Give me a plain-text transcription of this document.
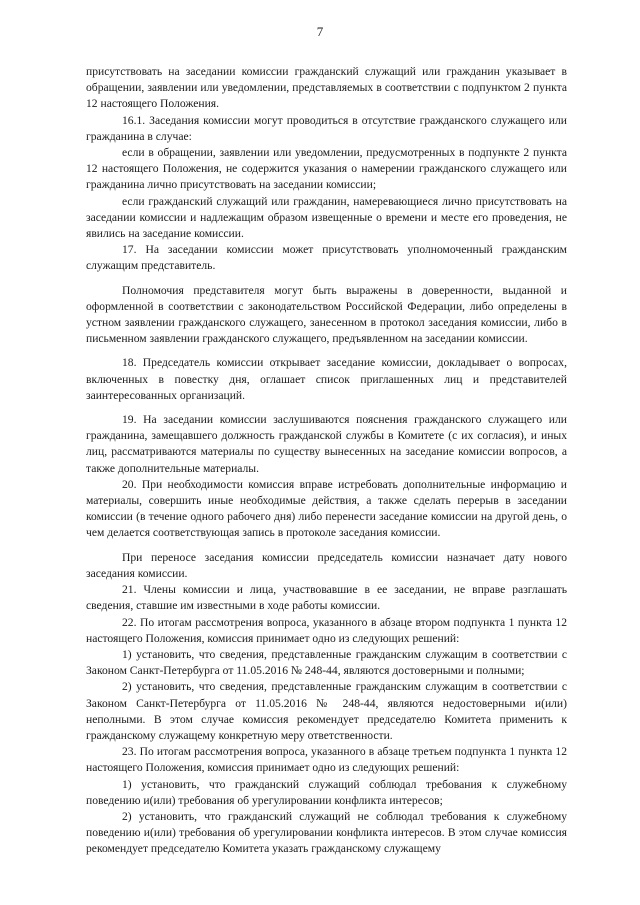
7

присутствовать на заседании комиссии гражданский служащий или гражданин указывает в обращении, заявлении или уведомлении, представляемых в соответствии с подпунктом 2 пункта 12 настоящего Положения.

16.1. Заседания комиссии могут проводиться в отсутствие гражданского служащего или гражданина в случае:

если в обращении, заявлении или уведомлении, предусмотренных в подпункте 2 пункта 12 настоящего Положения, не содержится указания о намерении гражданского служащего или гражданина лично присутствовать на заседании комиссии;

если гражданский служащий или гражданин, намеревающиеся лично присутствовать на заседании комиссии и надлежащим образом извещенные о времени и месте его проведения, не явились на заседание комиссии.

17. На заседании комиссии может присутствовать уполномоченный гражданским служащим представитель.

Полномочия представителя могут быть выражены в доверенности, выданной и оформленной в соответствии с законодательством Российской Федерации, либо определены в устном заявлении гражданского служащего, занесенном в протокол заседания комиссии, либо в письменном заявлении гражданского служащего, предъявленном на заседании комиссии.

18. Председатель комиссии открывает заседание комиссии, докладывает о вопросах, включенных в повестку дня, оглашает список приглашенных лиц и представителей заинтересованных организаций.

19. На заседании комиссии заслушиваются пояснения гражданского служащего или гражданина, замещавшего должность гражданской службы в Комитете (с их согласия), и иных лиц, рассматриваются материалы по существу вынесенных на заседание комиссии вопросов, а также дополнительные материалы.

20. При необходимости комиссия вправе истребовать дополнительные информацию и материалы, совершить иные необходимые действия, а также сделать перерыв в заседании комиссии (в течение одного рабочего дня) либо перенести заседание комиссии на другой день, о чем делается соответствующая запись в протоколе заседания комиссии.

При переносе заседания комиссии председатель комиссии назначает дату нового заседания комиссии.

21. Члены комиссии и лица, участвовавшие в ее заседании, не вправе разглашать сведения, ставшие им известными в ходе работы комиссии.

22. По итогам рассмотрения вопроса, указанного в абзаце втором подпункта 1 пункта 12 настоящего Положения, комиссия принимает одно из следующих решений:

1) установить, что сведения, представленные гражданским служащим в соответствии с Законом Санкт-Петербурга от 11.05.2016 № 248-44, являются достоверными и полными;

2) установить, что сведения, представленные гражданским служащим в соответствии с Законом Санкт-Петербурга от 11.05.2016 № 248-44, являются недостоверными и(или) неполными. В этом случае комиссия рекомендует председателю Комитета применить к гражданскому служащему конкретную меру ответственности.

23. По итогам рассмотрения вопроса, указанного в абзаце третьем подпункта 1 пункта 12 настоящего Положения, комиссия принимает одно из следующих решений:

1) установить, что гражданский служащий соблюдал требования к служебному поведению и(или) требования об урегулировании конфликта интересов;

2) установить, что гражданский служащий не соблюдал требования к служебному поведению и(или) требования об урегулировании конфликта интересов. В этом случае комиссия рекомендует председателю Комитета указать гражданскому служащему
